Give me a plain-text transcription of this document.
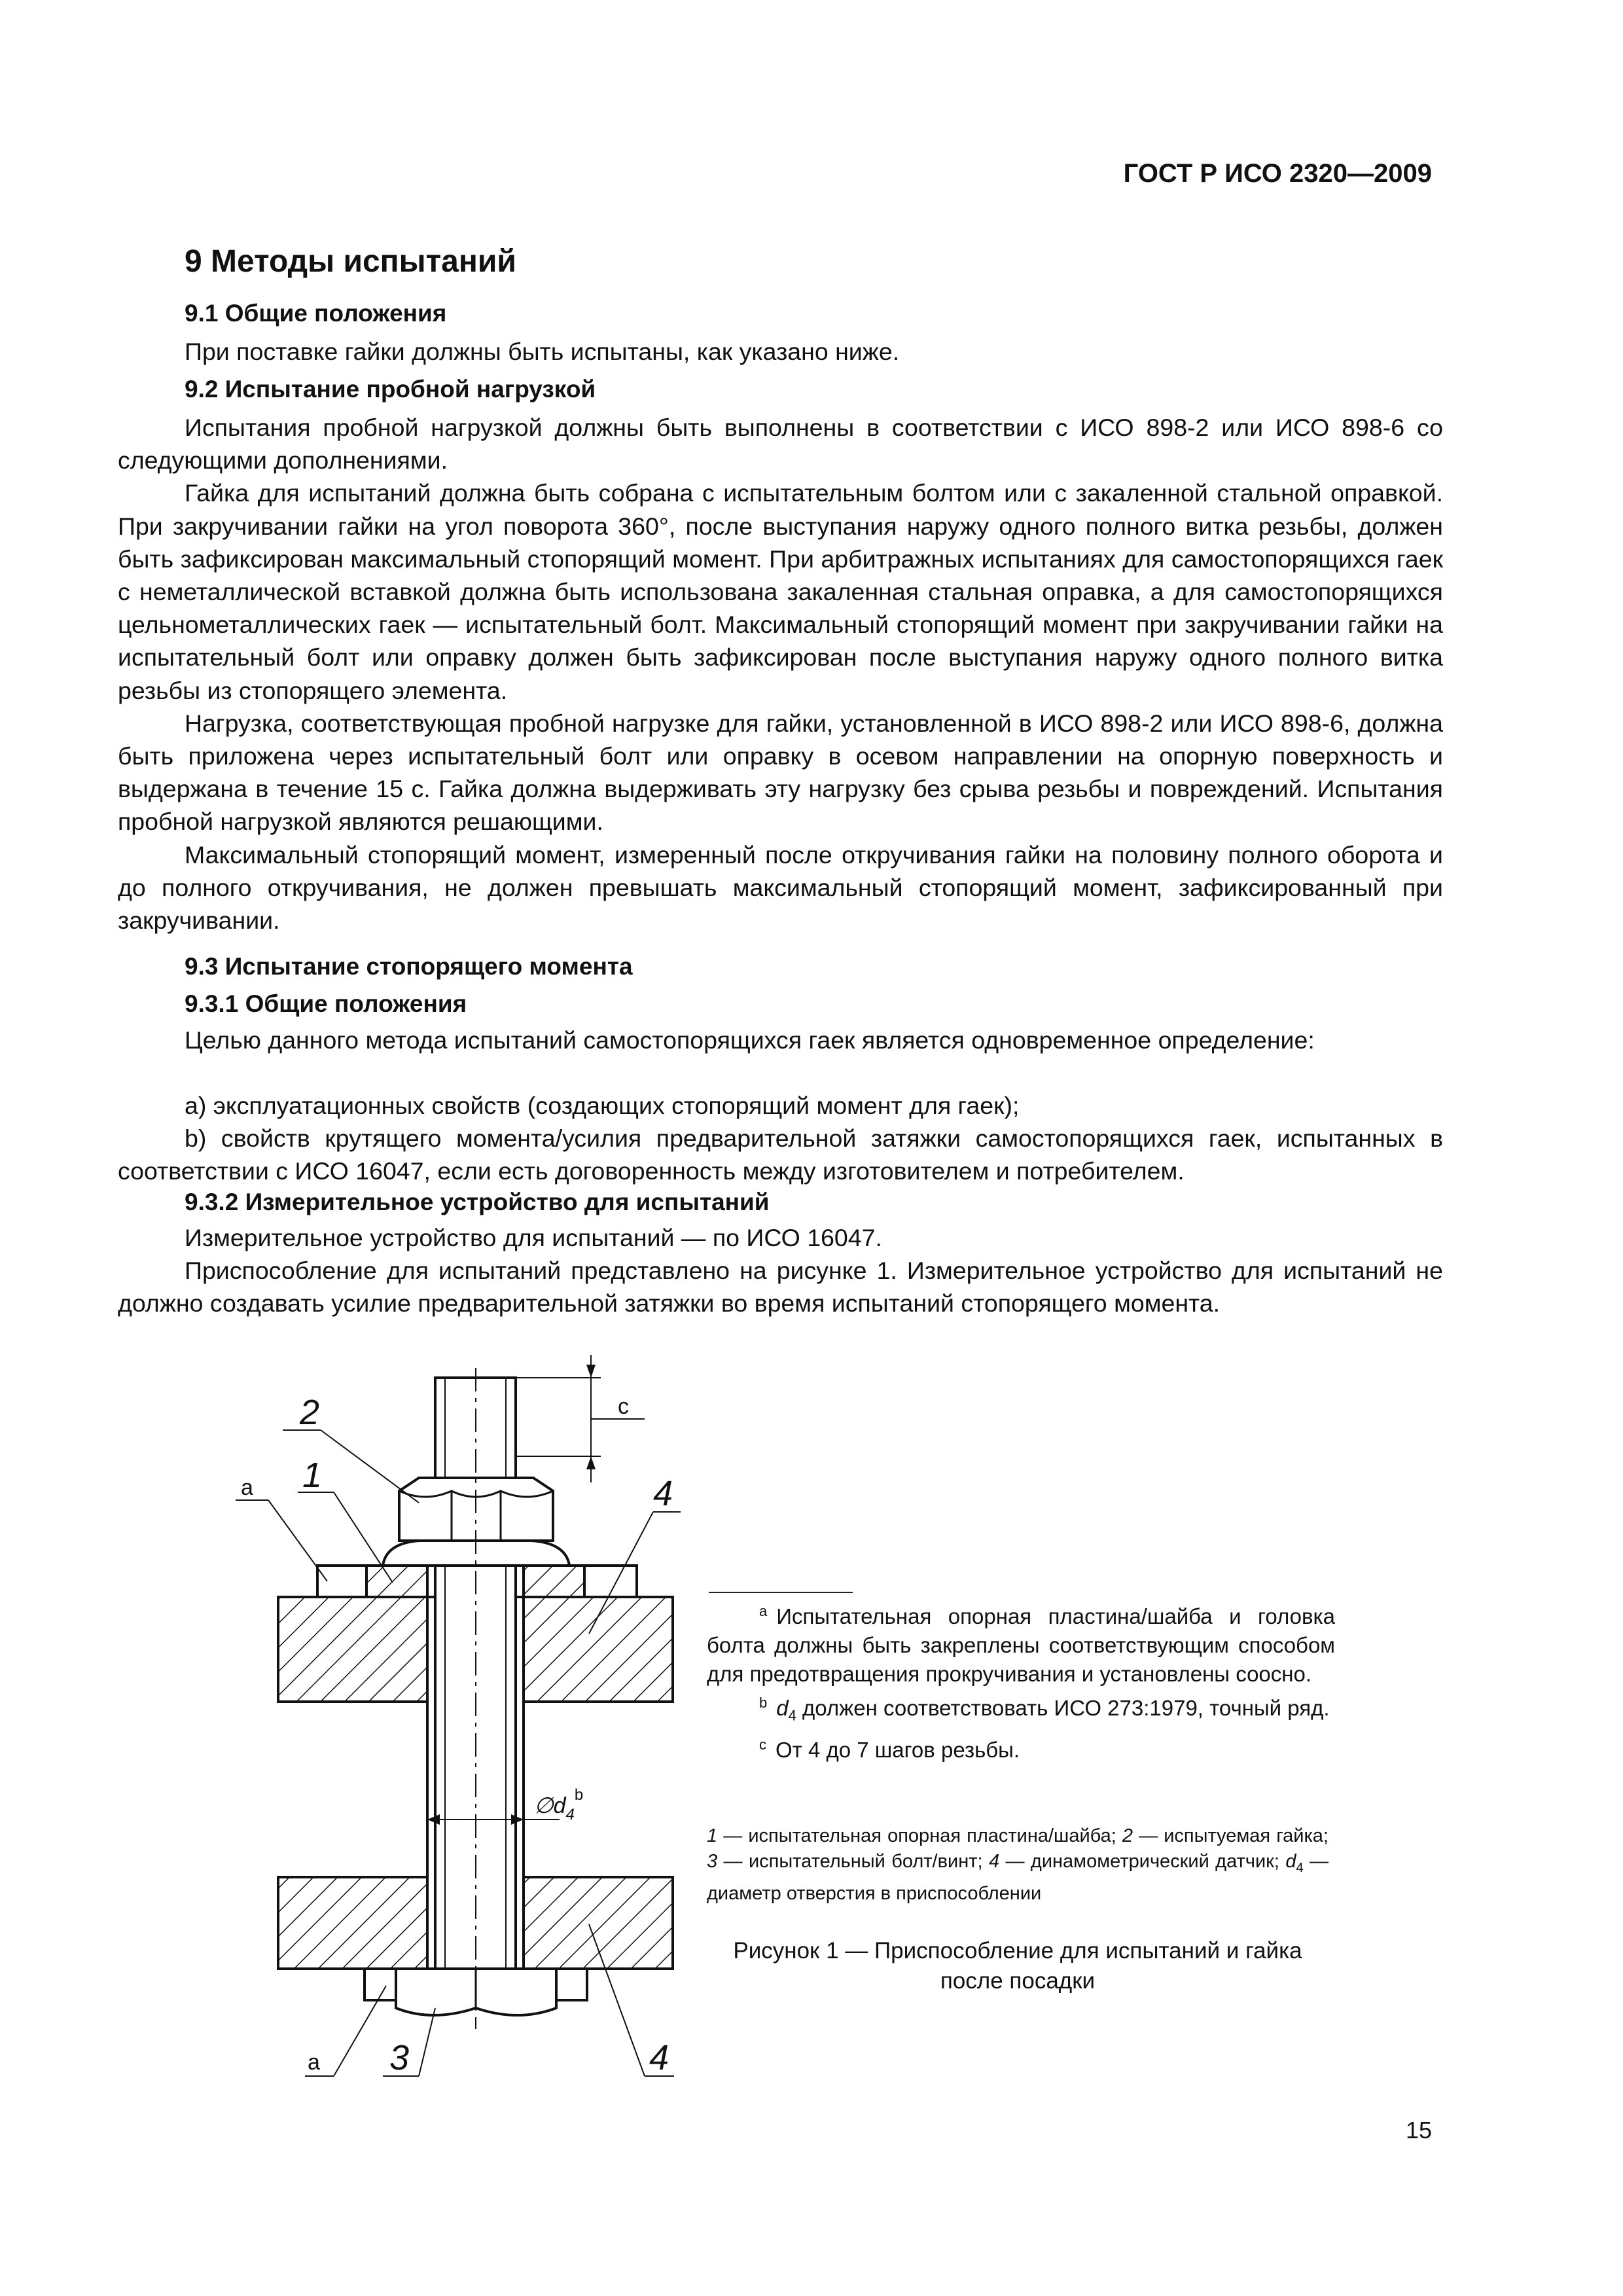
ГОСТ Р ИСО 2320—2009
9 Методы испытаний
9.1 Общие положения

При поставке гайки должны быть испытаны, как указано ниже.

9.2 Испытание пробной нагрузкой

Испытания пробной нагрузкой должны быть выполнены в соответствии с ИСО 898-2 или ИСО 898-6 со следующими дополнениями.

Гайка для испытаний должна быть собрана с испытательным болтом или с закаленной стальной оправкой. При закручивании гайки на угол поворота 360°, после выступания наружу одного полного витка резьбы, должен быть зафиксирован максимальный стопорящий момент. При арбитражных испытаниях для самостопорящихся гаек с неметаллической вставкой должна быть использована закаленная стальная оправка, а для самостопорящихся цельнометаллических гаек — испытательный болт. Максимальный стопорящий момент при закручивании гайки на испытательный болт или оправку должен быть зафиксирован после выступания наружу одного полного витка резьбы из стопорящего элемента.

Нагрузка, соответствующая пробной нагрузке для гайки, установленной в ИСО 898-2 или ИСО 898-6, должна быть приложена через испытательный болт или оправку в осевом направлении на опорную поверхность и выдержана в течение 15 с. Гайка должна выдерживать эту нагрузку без срыва резьбы и повреждений. Испытания пробной нагрузкой являются решающими.

Максимальный стопорящий момент, измеренный после откручивания гайки на половину полного оборота и до полного откручивания, не должен превышать максимальный стопорящий момент, зафиксированный при закручивании.

9.3 Испытание стопорящего момента
9.3.1 Общие положения

Целью данного метода испытаний самостопорящихся гаек является одновременное определение:

a) эксплуатационных свойств (создающих стопорящий момент для гаек);
b) свойств крутящего момента/усилия предварительной затяжки самостопорящихся гаек, испытанных в соответствии с ИСО 16047, если есть договоренность между изготовителем и потребителем.
9.3.2 Измерительное устройство для испытаний

Измерительное устройство для испытаний — по ИСО 16047.

Приспособление для испытаний представлено на рисунке 1. Измерительное устройство для испытаний не должно создавать усилие предварительной затяжки во время испытаний стопорящего момента.

2
1
a	4
c
$\emptyset d_4^b$
a 3	4

$^a$ Испытательная опорная пластина/шайба и головка болта должны быть закреплены соответствующим способом для предотвращения прокручивания и установлены соосно.

$^b$ $d_4$ должен соответствовать ИСО 273:1979, точный ряд.

$^c$ От 4 до 7 шагов резьбы.

1 — испытательная опорная пластина/шайба; 2 — испытуемая гайка; 3 — испытательный болт/винт; 4 — динамометрический датчик; $d_4$ — диаметр отверстия в приспособлении
Рисунок 1 — Приспособление для испытаний и гайка после посадки
15
